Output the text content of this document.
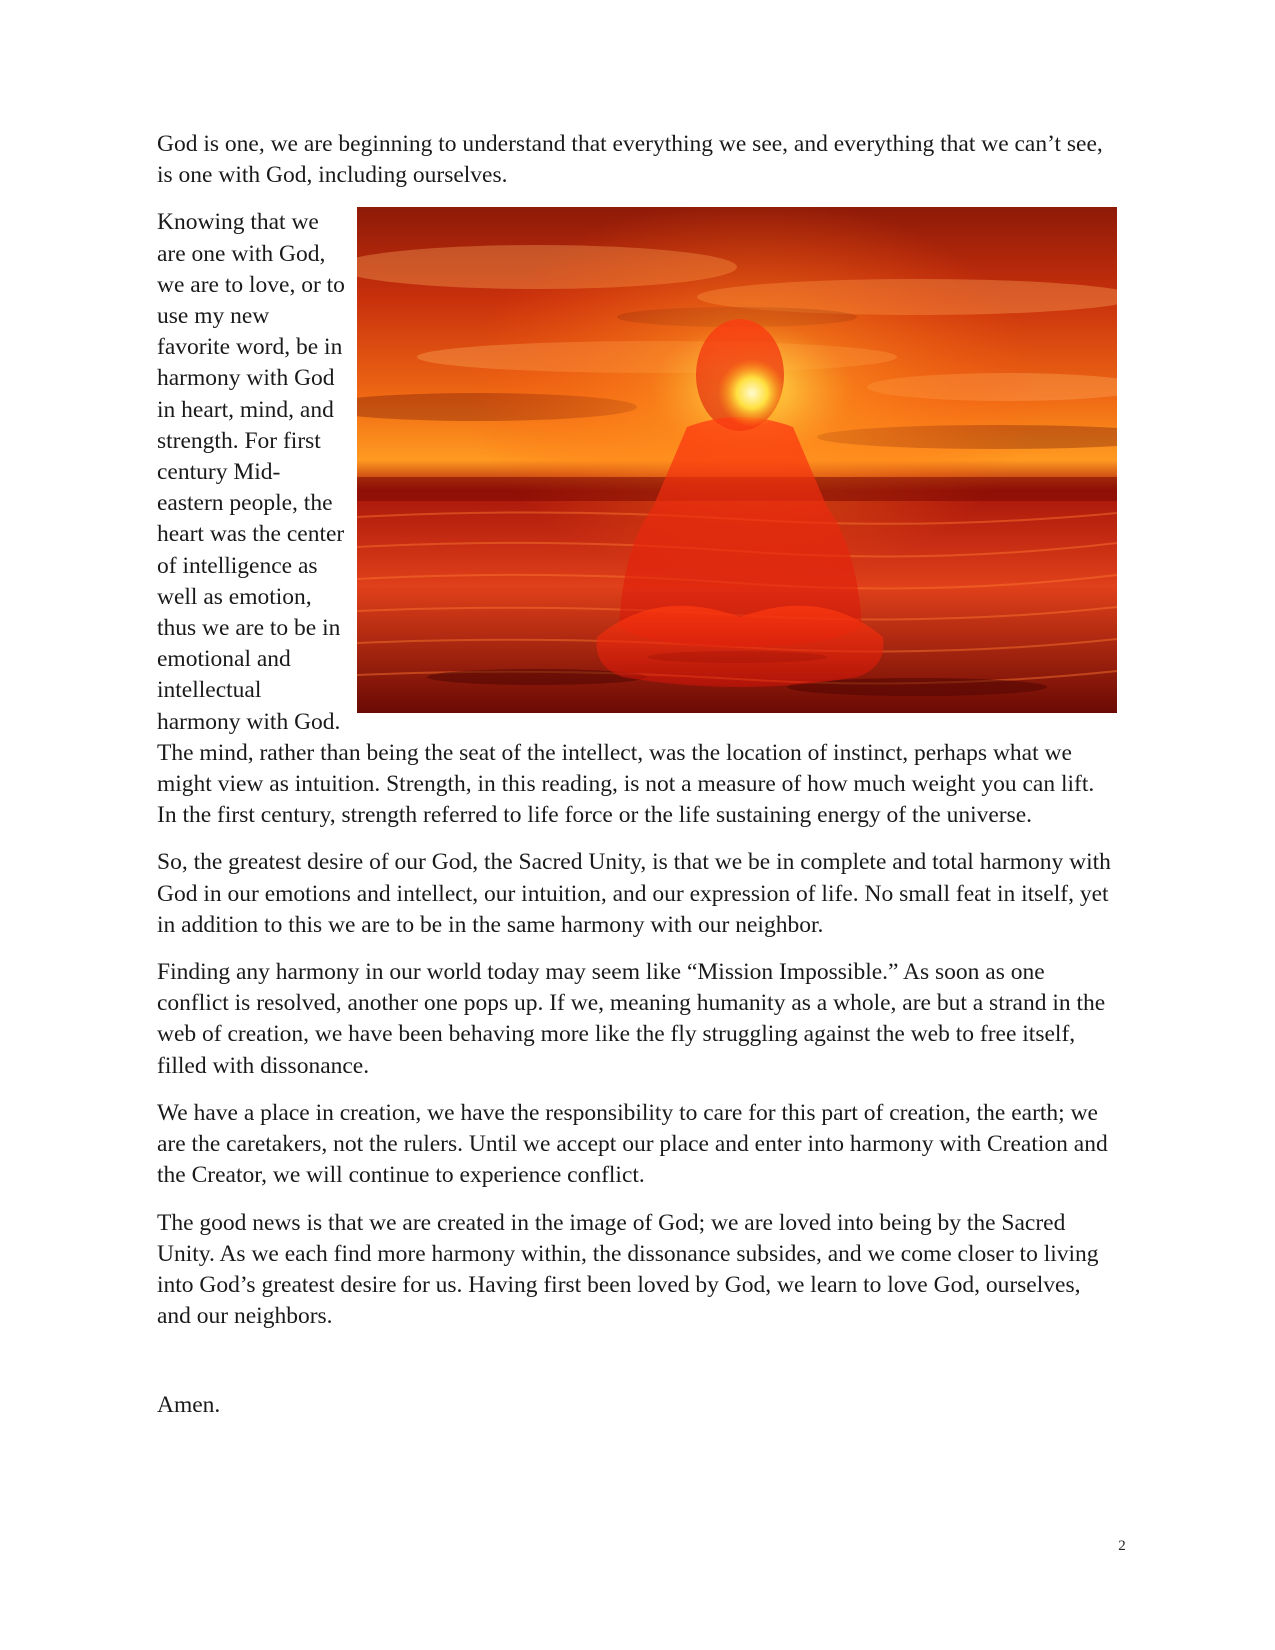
God is one, we are beginning to understand that everything we see, and everything that we can’t see, is one with God, including ourselves.

Knowing that we are one with God, we are to love, or to use my new favorite word, be in harmony with God in heart, mind, and strength. For first century Mid-eastern people, the heart was the center of intelligence as well as emotion, thus we are to be in emotional and intellectual harmony with God. The mind, rather than being the seat of the intellect, was the location of instinct, perhaps what we might view as intuition. Strength, in this reading, is not a measure of how much weight you can lift. In the first century, strength referred to life force or the life sustaining energy of the universe.

So, the greatest desire of our God, the Sacred Unity, is that we be in complete and total harmony with God in our emotions and intellect, our intuition, and our expression of life. No small feat in itself, yet in addition to this we are to be in the same harmony with our neighbor.

Finding any harmony in our world today may seem like “Mission Impossible.” As soon as one conflict is resolved, another one pops up. If we, meaning humanity as a whole, are but a strand in the web of creation, we have been behaving more like the fly struggling against the web to free itself, filled with dissonance.

We have a place in creation, we have the responsibility to care for this part of creation, the earth; we are the caretakers, not the rulers. Until we accept our place and enter into harmony with Creation and the Creator, we will continue to experience conflict.

The good news is that we are created in the image of God; we are loved into being by the Sacred Unity. As we each find more harmony within, the dissonance subsides, and we come closer to living into God’s greatest desire for us. Having first been loved by God, we learn to love God, ourselves, and our neighbors.

Amen.

2
